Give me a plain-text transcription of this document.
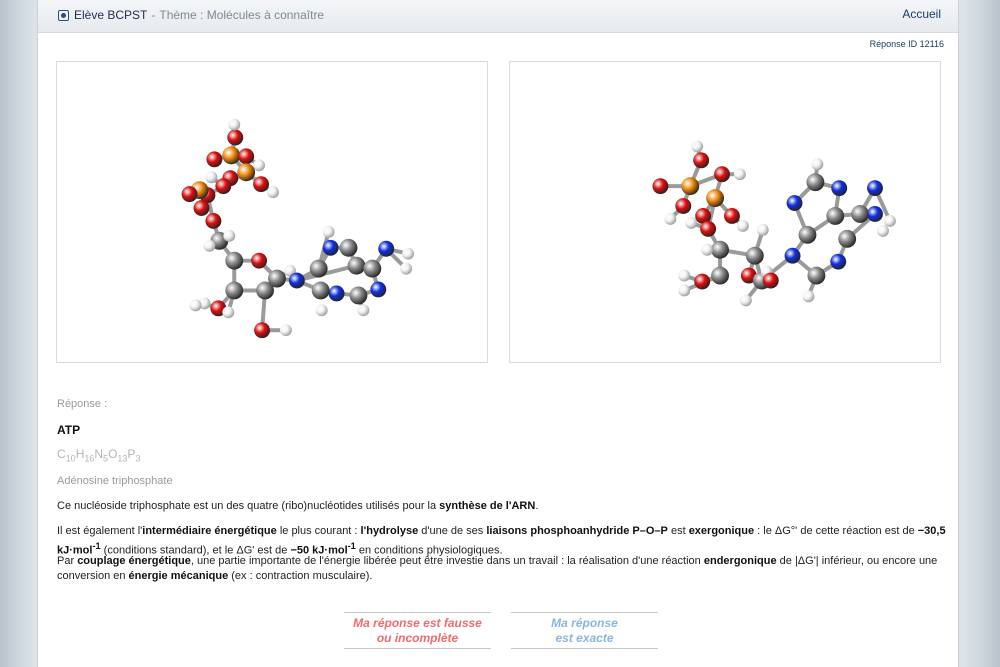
Elève BCPST - Thème : Molécules à connaître	Accueil
Réponse ID 12116
Réponse :
ATP
$C_{10}H_{16}N_5O_{13}P_3$
Adénosine triphosphate
Ce nucléoside triphosphate est un des quatre (ribo)nucléotides utilisés pour la synthèse de l'ARN.
Il est également l'intermédiaire énergétique le plus courant : l'hydrolyse d'une de ses liaisons phosphoanhydride P–O–P est exergonique : le ΔG°' de cette réaction est de −30,5 kJ·mol$^{-1}$ (conditions standard), et le ΔG' est de −50 kJ·mol$^{-1}$ en conditions physiologiques.
Par couplage énergétique, une partie importante de l'énergie libérée peut être investie dans un travail : la réalisation d'une réaction endergonique de |ΔG'| inférieur, ou encore une conversion en énergie mécanique (ex : contraction musculaire).
Ma réponse est fausse
ou incomplète
Ma réponse
est exacte
